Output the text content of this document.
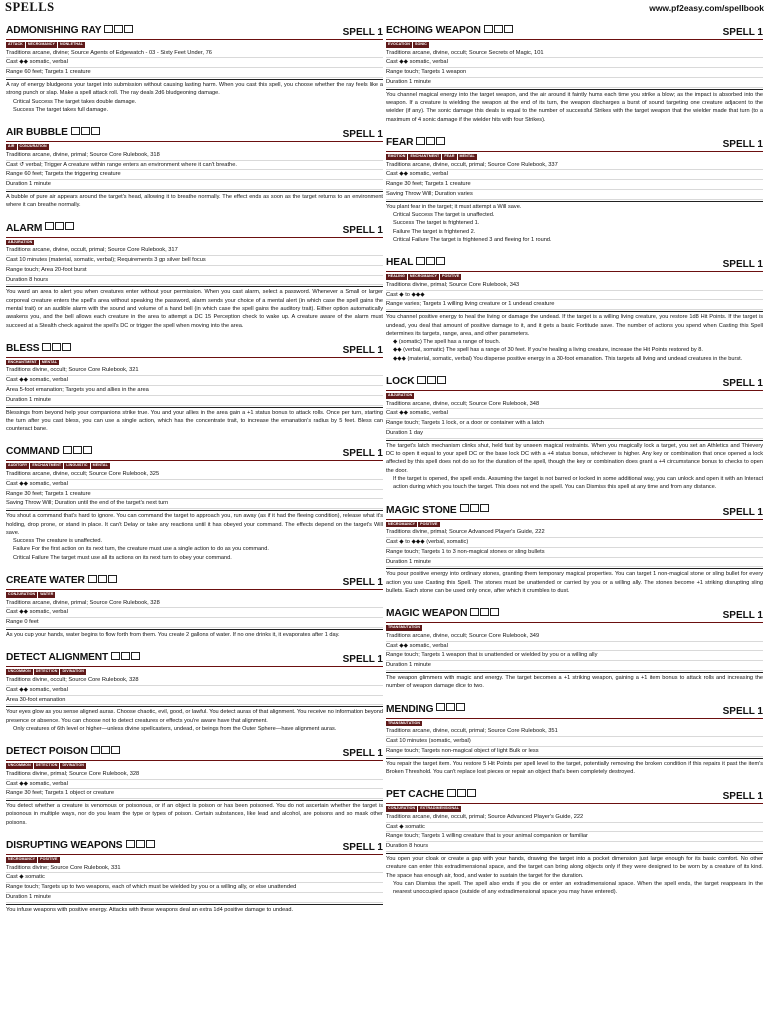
SPELLS	www.pf2easy.com/spellbook
ADMONISHING RAY	SPELL 1
ATTACK	NECROMANCY	NONLETHAL
Traditions arcane, divine; Source Agents of Edgewatch - 03 - Sixty Feet Under, 76
Cast ◆◆ somatic, verbal
Range 60 feet; Targets 1 creature

A ray of energy bludgeons your target into submission without causing lasting harm. When you cast this spell, you choose whether the ray feels like a strong punch or slap. Make a spell attack roll. The ray deals 2d6 bludgeoning damage.

Critical Success The target takes double damage.

Success The target takes full damage.

AIR BUBBLE	SPELL 1
AIR	CONJURATION
Traditions arcane, divine, primal; Source Core Rulebook, 318
Cast ↺ verbal; Trigger A creature within range enters an environment where it can't breathe.
Range 60 feet; Targets the triggering creature
Duration 1 minute

A bubble of pure air appears around the target's head, allowing it to breathe normally. The effect ends as soon as the target returns to an environment where it can breathe normally.

ALARM	SPELL 1
ABJURATION
Traditions arcane, divine, occult, primal; Source Core Rulebook, 317
Cast 10 minutes (material, somatic, verbal); Requirements 3 gp silver bell focus
Range touch; Area 20-foot burst
Duration 8 hours

You ward an area to alert you when creatures enter without your permission. When you cast alarm, select a password. Whenever a Small or larger corporeal creature enters the spell's area without speaking the password, alarm sends your choice of a mental alert (in which case the spell gains the mental trait) or an audible alarm with the sound and volume of a hand bell (in which case the spell gains the auditory trait). Either option automatically awakens you, and the bell allows each creature in the area to attempt a DC 15 Perception check to wake up. A creature aware of the alarm must succeed at a Stealth check against the spell's DC or trigger the spell when moving into the area.

BLESS	SPELL 1
ENCHANTMENT	MENTAL
Traditions divine, occult; Source Core Rulebook, 321
Cast ◆◆ somatic, verbal
Area 5-foot emanation; Targets you and allies in the area
Duration 1 minute

Blessings from beyond help your companions strike true. You and your allies in the area gain a +1 status bonus to attack rolls. Once per turn, starting the turn after you cast bless, you can use a single action, which has the concentrate trait, to increase the emanation's radius by 5 feet. Bless can counteract bane.

COMMAND	SPELL 1
AUDITORY	ENCHANTMENT	LINGUISTIC	MENTAL
Traditions arcane, divine, occult; Source Core Rulebook, 325
Cast ◆◆ somatic, verbal
Range 30 feet; Targets 1 creature
Saving Throw Will; Duration until the end of the target's next turn

You shout a command that's hard to ignore. You can command the target to approach you, run away (as if it had the fleeing condition), release what it's holding, drop prone, or stand in place. It can't Delay or take any reactions until it has obeyed your command. The effects depend on the target's Will save.

Success The creature is unaffected.

Failure For the first action on its next turn, the creature must use a single action to do as you command.

Critical Failure The target must use all its actions on its next turn to obey your command.

CREATE WATER	SPELL 1
CONJURATION	WATER
Traditions arcane, divine, primal; Source Core Rulebook, 328
Cast ◆◆ somatic, verbal
Range 0 feet

As you cup your hands, water begins to flow forth from them. You create 2 gallons of water. If no one drinks it, it evaporates after 1 day.

DETECT ALIGNMENT	SPELL 1
UNCOMMON	DETECTION	DIVINATION
Traditions divine, occult; Source Core Rulebook, 328
Cast ◆◆ somatic, verbal
Area 30-foot emanation

Your eyes glow as you sense aligned auras. Choose chaotic, evil, good, or lawful. You detect auras of that alignment. You receive no information beyond presence or absence. You can choose not to detect creatures or effects you're aware have that alignment.

Only creatures of 6th level or higher—unless divine spellcasters, undead, or beings from the Outer Sphere—have alignment auras.

DETECT POISON	SPELL 1
UNCOMMON	DETECTION	DIVINATION
Traditions divine, primal; Source Core Rulebook, 328
Cast ◆◆ somatic, verbal
Range 30 feet; Targets 1 object or creature

You detect whether a creature is venomous or poisonous, or if an object is poison or has been poisoned. You do not ascertain whether the target is poisonous in multiple ways, nor do you learn the type or types of poison. Certain substances, like lead and alcohol, are poisons and so mask other poisons.

DISRUPTING WEAPONS	SPELL 1
NECROMANCY	POSITIVE
Traditions divine; Source Core Rulebook, 331
Cast ◆ somatic
Range touch; Targets up to two weapons, each of which must be wielded by you or a willing ally, or else unattended
Duration 1 minute

You infuse weapons with positive energy. Attacks with these weapons deal an extra 1d4 positive damage to undead.

ECHOING WEAPON	SPELL 1
EVOCATION	SONIC
Traditions arcane, divine, occult; Source Secrets of Magic, 101
Cast ◆◆ somatic, verbal
Range touch; Targets 1 weapon
Duration 1 minute

You channel magical energy into the target weapon, and the air around it faintly hums each time you strike a blow; as the impact is absorbed into the weapon. If a creature is wielding the weapon at the end of its turn, the weapon discharges a burst of sound targeting one creature adjacent to the wielder (if any). The sonic damage this deals is equal to the number of successful Strikes with the target weapon that the wielder made that turn (to a maximum of 4 sonic damage if the wielder hits with four Strikes).

FEAR	SPELL 1
EMOTION	ENCHANTMENT	FEAR	MENTAL
Traditions arcane, divine, occult, primal; Source Core Rulebook, 337
Cast ◆◆ somatic, verbal
Range 30 feet; Targets 1 creature
Saving Throw Will; Duration varies

You plant fear in the target; it must attempt a Will save.

Critical Success The target is unaffected.

Success The target is frightened 1.

Failure The target is frightened 2.

Critical Failure The target is frightened 3 and fleeing for 1 round.

HEAL	SPELL 1
HEALING	NECROMANCY	POSITIVE
Traditions divine, primal; Source Core Rulebook, 343
Cast ◆ to ◆◆◆
Range varies; Targets 1 willing living creature or 1 undead creature

You channel positive energy to heal the living or damage the undead. If the target is a willing living creature, you restore 1d8 Hit Points. If the target is undead, you deal that amount of positive damage to it, and it gets a basic Fortitude save. The number of actions you spend when Casting this Spell determines its targets, range, area, and other parameters.

◆ (somatic) The spell has a range of touch.

◆◆ (verbal, somatic) The spell has a range of 30 feet. If you're healing a living creature, increase the Hit Points restored by 8.

◆◆◆ (material, somatic, verbal) You disperse positive energy in a 30-foot emanation. This targets all living and undead creatures in the burst.

LOCK	SPELL 1
ABJURATION
Traditions arcane, divine, occult; Source Core Rulebook, 348
Cast ◆◆ somatic, verbal
Range touch; Targets 1 lock, or a door or container with a latch
Duration 1 day

The target's latch mechanism clinks shut, held fast by unseen magical restraints. When you magically lock a target, you set an Athletics and Thievery DC to open it equal to your spell DC or the base lock DC with a +4 status bonus, whichever is higher. Any key or combination that once opened a lock affected by this spell does not do so for the duration of the spell, though the key or combination does grant a +4 circumstance bonus to checks to open the door.

If the target is opened, the spell ends. Assuming the target is not barred or locked in some additional way, you can unlock and open it with an Interact action during which you touch the target. This does not end the spell. You can Dismiss this spell at any time and from any distance.

MAGIC STONE	SPELL 1
NECROMANCY	POSITIVE
Traditions divine, primal; Source Advanced Player's Guide, 222
Cast ◆ to ◆◆◆ (verbal, somatic)
Range touch; Targets 1 to 3 non-magical stones or sling bullets
Duration 1 minute

You pour positive energy into ordinary stones, granting them temporary magical properties. You can target 1 non-magical stone or sling bullet for every action you use Casting this Spell. The stones must be unattended or carried by you or a willing ally. The stones become +1 striking disrupting sling bullets. Each stone can be used only once, after which it crumbles to dust.

MAGIC WEAPON	SPELL 1
TRANSMUTATION
Traditions arcane, divine, occult; Source Core Rulebook, 349
Cast ◆◆ somatic, verbal
Range touch; Targets 1 weapon that is unattended or wielded by you or a willing ally
Duration 1 minute

The weapon glimmers with magic and energy. The target becomes a +1 striking weapon, gaining a +1 item bonus to attack rolls and increasing the number of weapon damage dice to two.

MENDING	SPELL 1
TRANSMUTATION
Traditions arcane, divine, occult, primal; Source Core Rulebook, 351
Cast 10 minutes (somatic, verbal)
Range touch; Targets non-magical object of light Bulk or less

You repair the target item. You restore 5 Hit Points per spell level to the target, potentially removing the broken condition if this repairs it past the item's Broken Threshold. You can't replace lost pieces or repair an object that's been completely destroyed.

PET CACHE	SPELL 1
CONJURATION	EXTRADIMENSIONAL
Traditions arcane, divine, occult, primal; Source Advanced Player's Guide, 222
Cast ◆ somatic
Range touch; Targets 1 willing creature that is your animal companion or familiar
Duration 8 hours

You open your cloak or create a gap with your hands, drawing the target into a pocket dimension just large enough for its basic comfort. No other creature can enter this extradimensional space, and the target can bring along objects only if they were designed to be worn by a creature of its kind. The space has enough air, food, and water to sustain the target for the duration.

You can Dismiss the spell. The spell also ends if you die or enter an extradimensional space. When the spell ends, the target reappears in the nearest unoccupied space (outside of any extradimensional space you may have entered).
